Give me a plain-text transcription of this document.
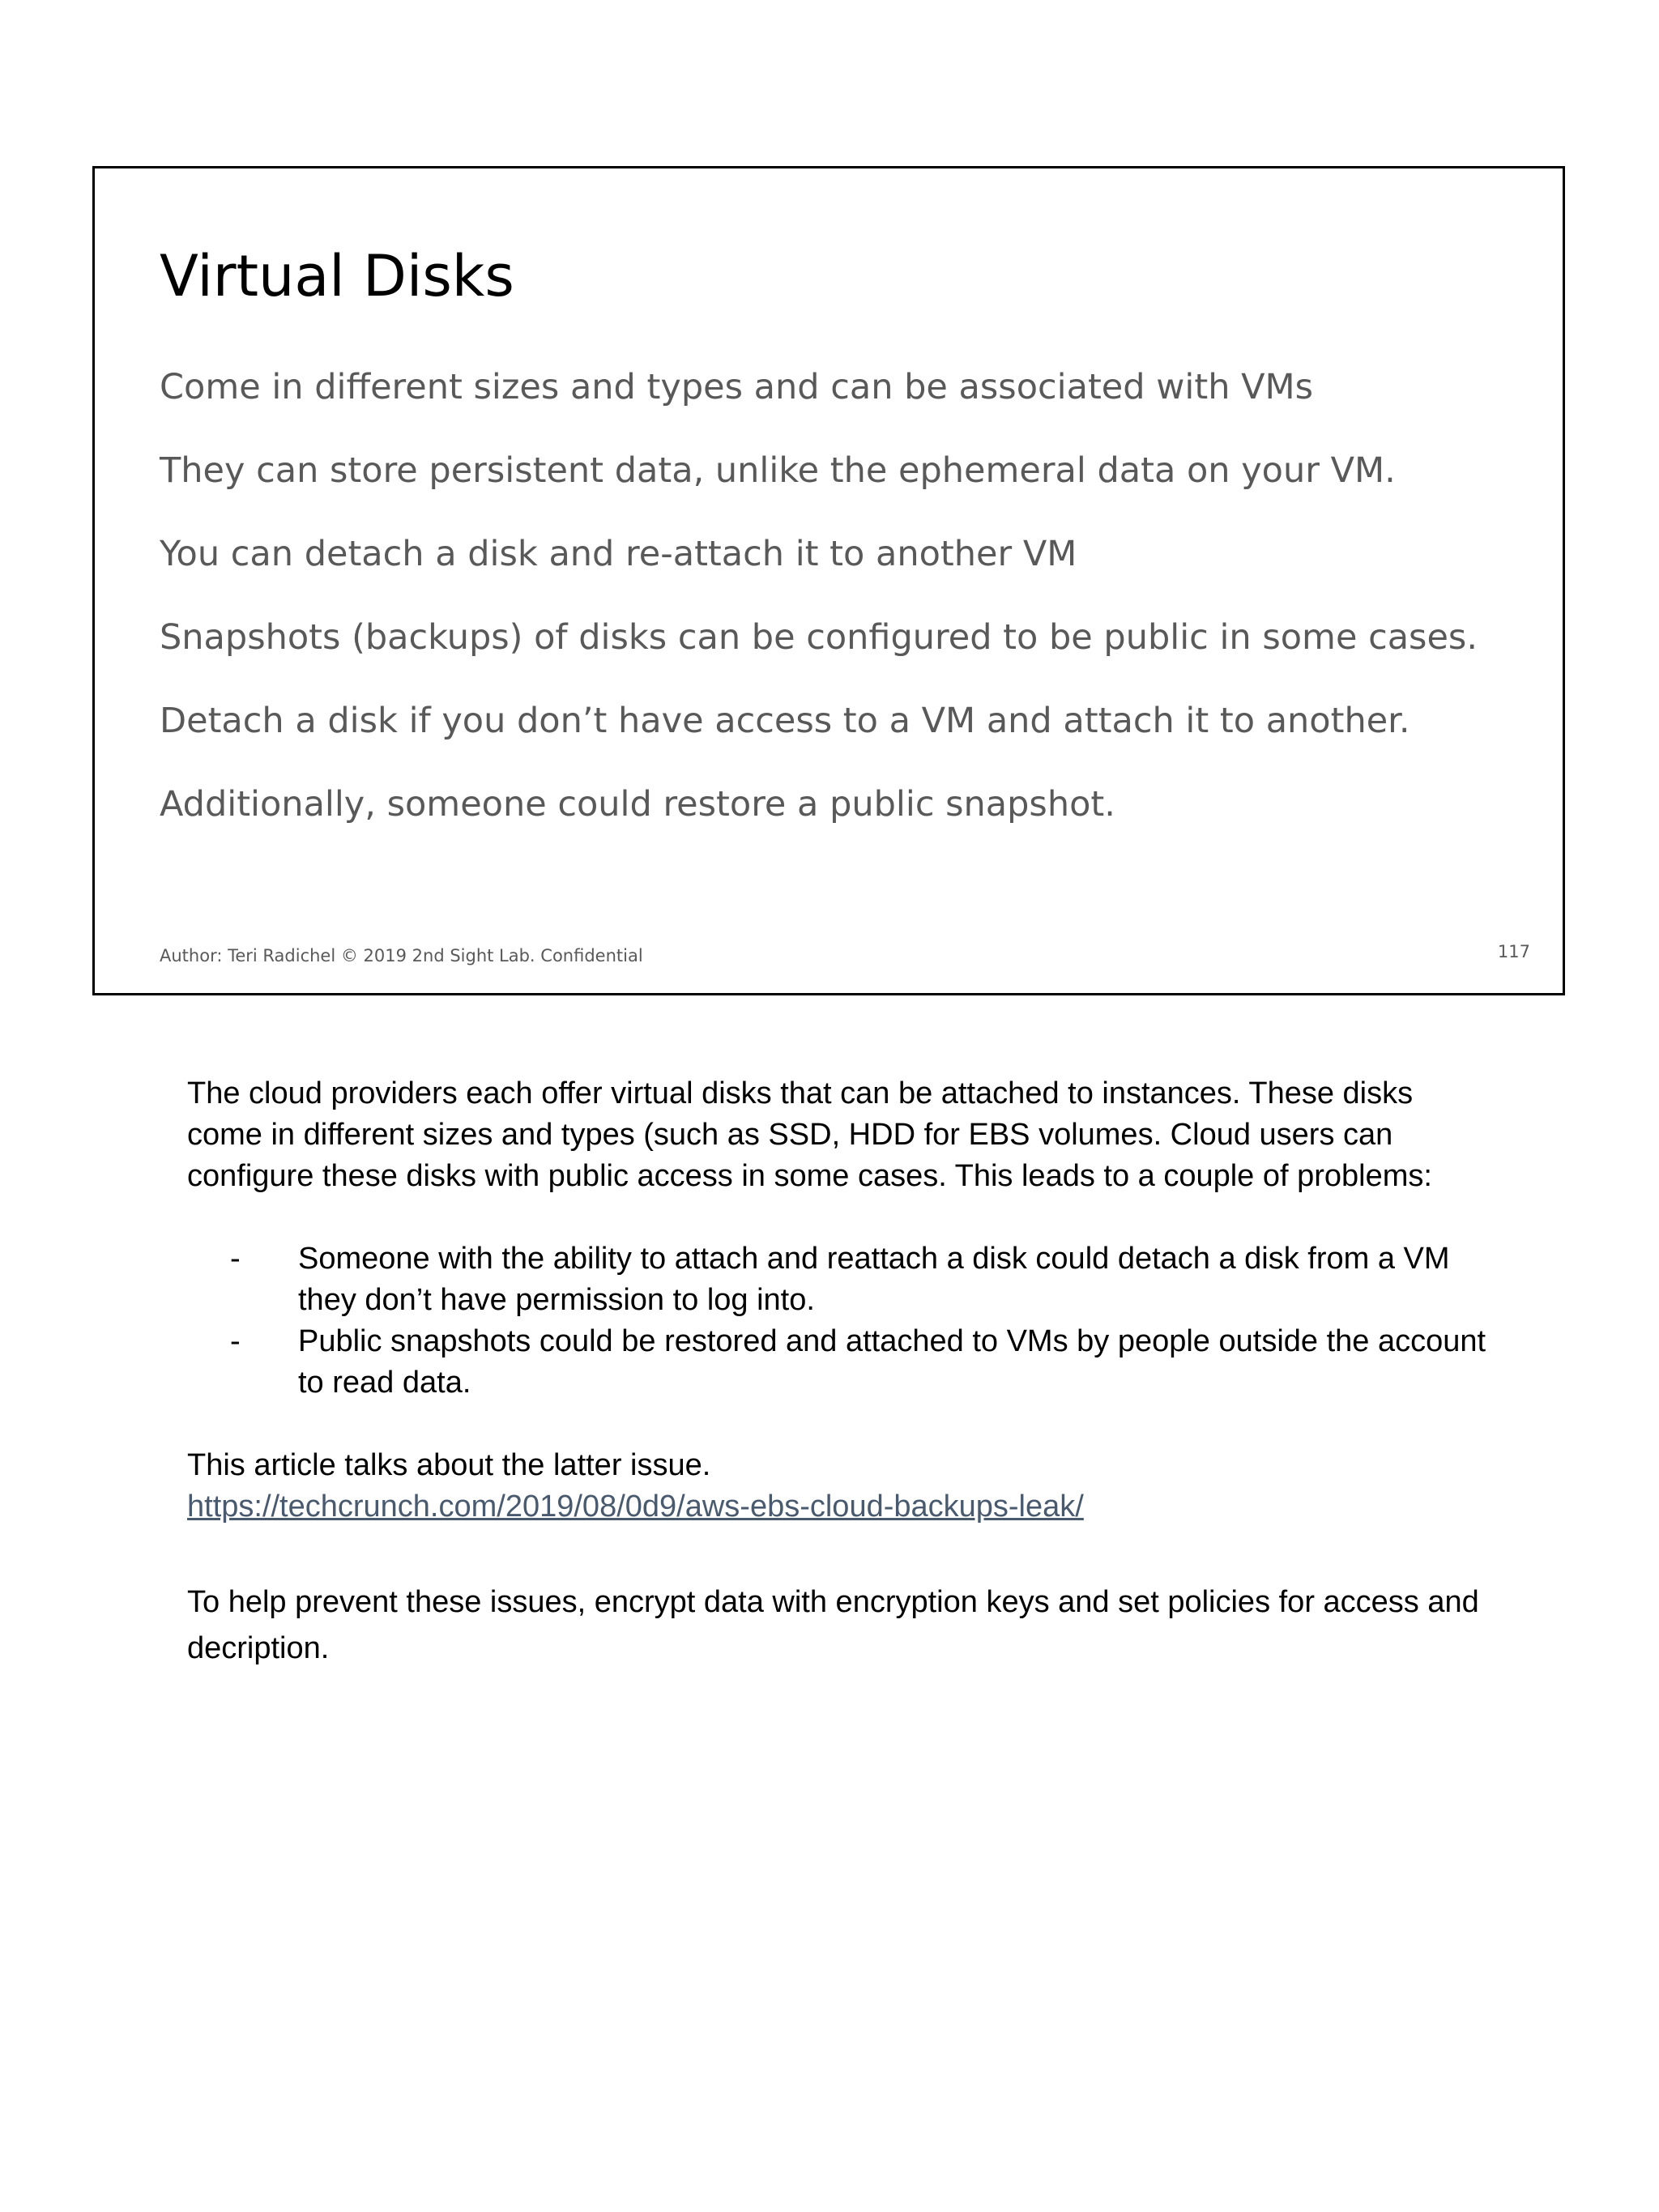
Virtual Disks
Come in different sizes and types and can be associated with VMs
They can store persistent data, unlike the ephemeral data on your VM.
You can detach a disk and re-attach it to another VM
Snapshots (backups) of disks can be configured to be public in some cases.
Detach a disk if you don’t have access to a VM and attach it to another.
Additionally, someone could restore a public snapshot.
Author: Teri Radichel © 2019 2nd Sight Lab. Confidential	117

The cloud providers each offer virtual disks that can be attached to instances. These disks come in different sizes and types (such as SSD, HDD for EBS volumes. Cloud users can configure these disks with public access in some cases. This leads to a couple of problems:

- Someone with the ability to attach and reattach a disk could detach a disk from a VM they don’t have permission to log into.
- Public snapshots could be restored and attached to VMs by people outside the account to read data.

This article talks about the latter issue.

https://techcrunch.com/2019/08/0d9/aws-ebs-cloud-backups-leak/

To help prevent these issues, encrypt data with encryption keys and set policies for access and decription.
